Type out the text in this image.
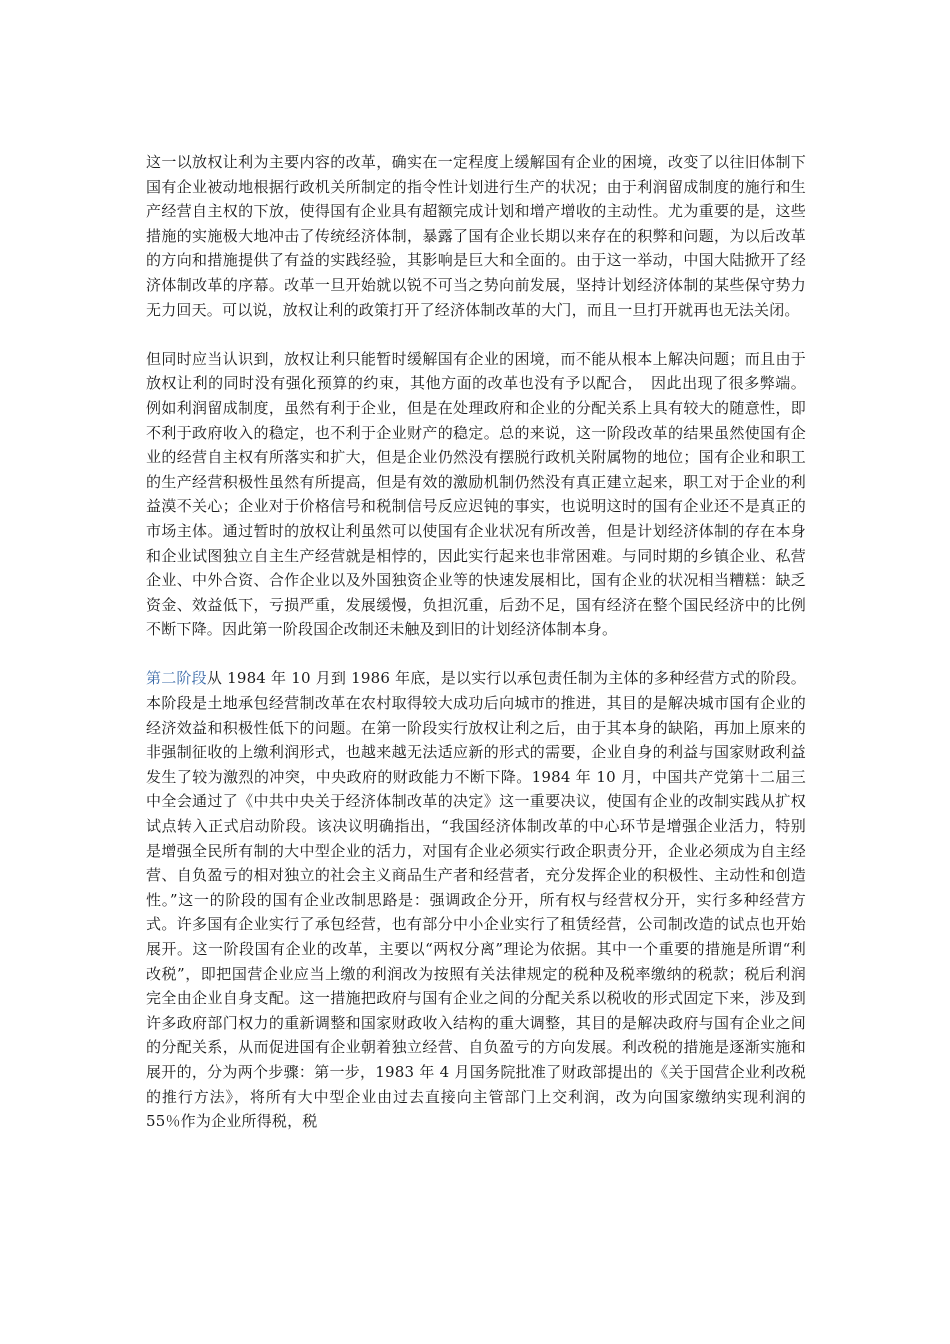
这一以放权让利为主要内容的改革，确实在一定程度上缓解国有企业的困境，改变了以往旧体制下国有企业被动地根据行政机关所制定的指令性计划进行生产的状况；由于利润留成制度的施行和生产经营自主权的下放，使得国有企业具有超额完成计划和增产增收的主动性。尤为重要的是，这些措施的实施极大地冲击了传统经济体制，暴露了国有企业长期以来存在的积弊和问题，为以后改革的方向和措施提供了有益的实践经验，其影响是巨大和全面的。由于这一举动，中国大陆掀开了经济体制改革的序幕。改革一旦开始就以锐不可当之势向前发展，坚持计划经济体制的某些保守势力无力回天。可以说，放权让利的政策打开了经济体制改革的大门，而且一旦打开就再也无法关闭。

但同时应当认识到，放权让利只能暂时缓解国有企业的困境，而不能从根本上解决问题；而且由于放权让利的同时没有强化预算的约束，其他方面的改革也没有予以配合，　因此出现了很多弊端。例如利润留成制度，虽然有利于企业，但是在处理政府和企业的分配关系上具有较大的随意性，即不利于政府收入的稳定，也不利于企业财产的稳定。总的来说，这一阶段改革的结果虽然使国有企业的经营自主权有所落实和扩大，但是企业仍然没有摆脱行政机关附属物的地位；国有企业和职工的生产经营积极性虽然有所提高，但是有效的激励机制仍然没有真正建立起来，职工对于企业的利益漠不关心；企业对于价格信号和税制信号反应迟钝的事实，也说明这时的国有企业还不是真正的市场主体。通过暂时的放权让利虽然可以使国有企业状况有所改善，但是计划经济体制的存在本身和企业试图独立自主生产经营就是相悖的，因此实行起来也非常困难。与同时期的乡镇企业、私营企业、中外合资、合作企业以及外国独资企业等的快速发展相比，国有企业的状况相当糟糕：缺乏资金、效益低下，亏损严重，发展缓慢，负担沉重，后劲不足，国有经济在整个国民经济中的比例不断下降。因此第一阶段国企改制还未触及到旧的计划经济体制本身。

第二阶段从 1984 年 10 月到 1986 年底，是以实行以承包责任制为主体的多种经营方式的阶段。本阶段是土地承包经营制改革在农村取得较大成功后向城市的推进，其目的是解决城市国有企业的经济效益和积极性低下的问题。在第一阶段实行放权让利之后，由于其本身的缺陷，再加上原来的非强制征收的上缴利润形式，也越来越无法适应新的形式的需要，企业自身的利益与国家财政利益发生了较为激烈的冲突，中央政府的财政能力不断下降。1984 年 10 月，中国共产党第十二届三中全会通过了《中共中央关于经济体制改革的决定》这一重要决议，使国有企业的改制实践从扩权试点转入正式启动阶段。该决议明确指出，“我国经济体制改革的中心环节是增强企业活力，特别是增强全民所有制的大中型企业的活力，对国有企业必须实行政企职责分开，企业必须成为自主经营、自负盈亏的相对独立的社会主义商品生产者和经营者，充分发挥企业的积极性、主动性和创造性。”这一的阶段的国有企业改制思路是：强调政企分开，所有权与经营权分开，实行多种经营方式。许多国有企业实行了承包经营，也有部分中小企业实行了租赁经营，公司制改造的试点也开始展开。这一阶段国有企业的改革，主要以“两权分离”理论为依据。其中一个重要的措施是所谓“利改税”，即把国营企业应当上缴的利润改为按照有关法律规定的税种及税率缴纳的税款；税后利润完全由企业自身支配。这一措施把政府与国有企业之间的分配关系以税收的形式固定下来，涉及到许多政府部门权力的重新调整和国家财政收入结构的重大调整，其目的是解决政府与国有企业之间的分配关系，从而促进国有企业朝着独立经营、自负盈亏的方向发展。利改税的措施是逐渐实施和展开的，分为两个步骤：第一步，1983 年 4 月国务院批准了财政部提出的《关于国营企业利改税的推行方法》，将所有大中型企业由过去直接向主管部门上交利润，改为向国家缴纳实现利润的 55％作为企业所得税，税
